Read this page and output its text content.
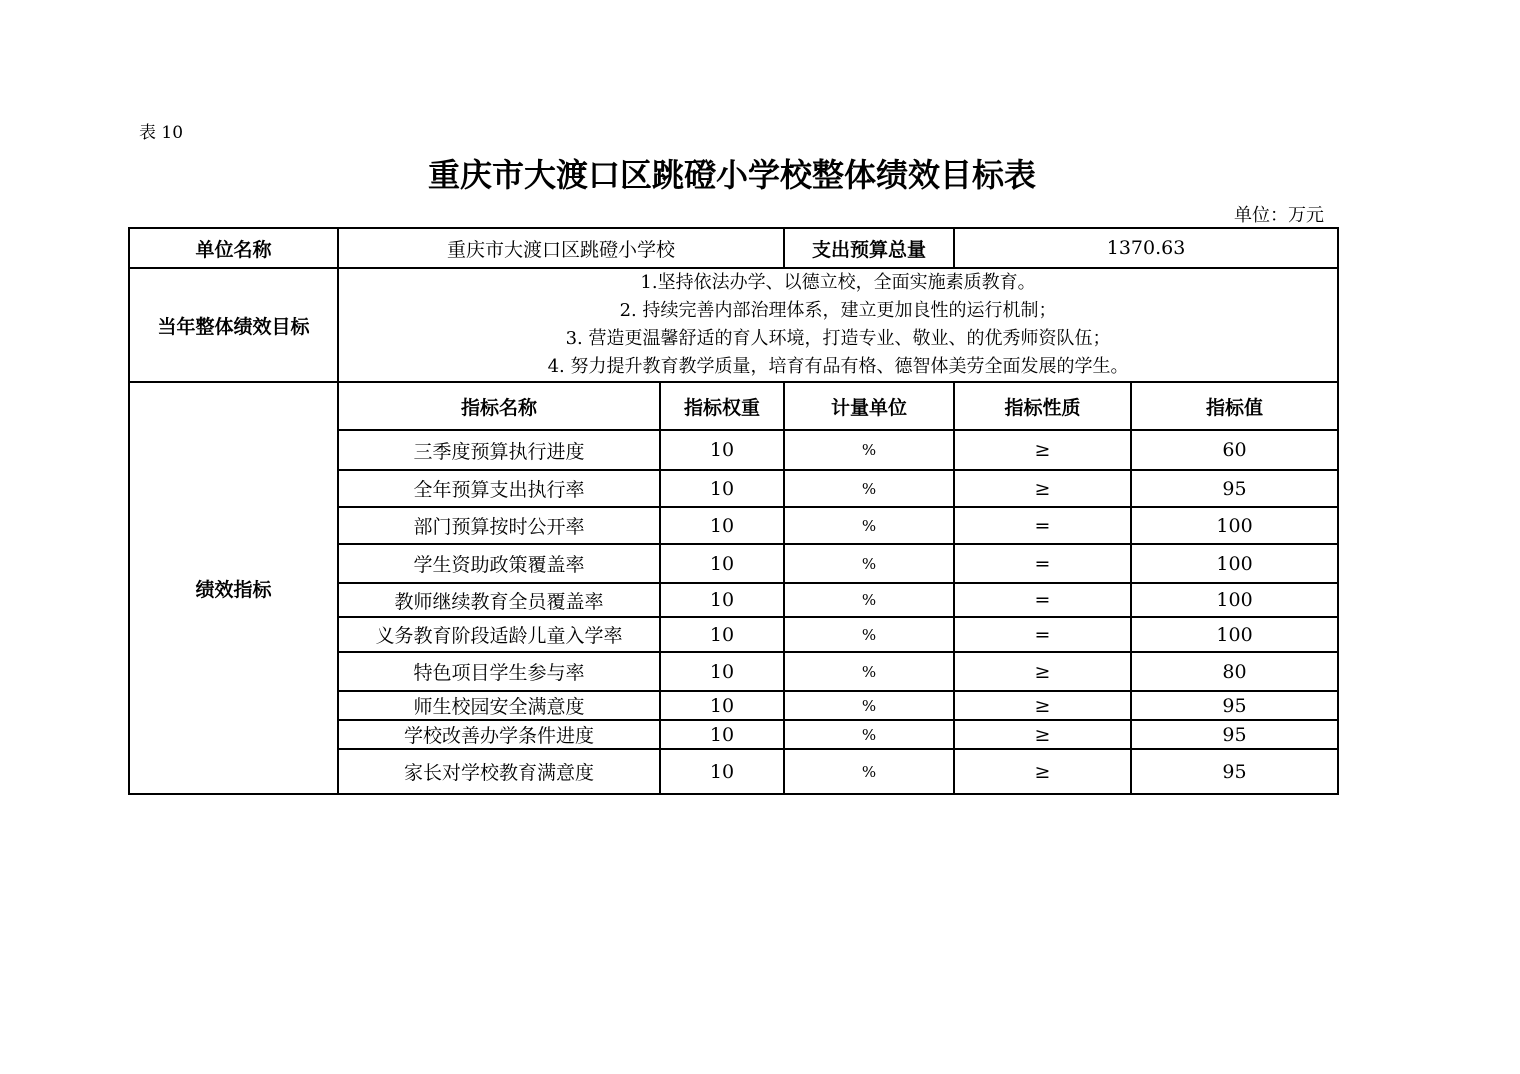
表 10
重庆市大渡口区跳磴小学校整体绩效目标表
单位：万元
单位名称	重庆市大渡口区跳磴小学校		支出预算总量	1370.63	
当年整体绩效目标	1.坚持依法办学、以德立校，全面实施素质教育。
2. 持续完善内部治理体系，建立更加良性的运行机制；
3. 营造更温馨舒适的育人环境，打造专业、敬业、的优秀师资队伍；
4. 努力提升教育教学质量，培育有品有格、德智体美劳全面发展的学生。				

绩效指标	指标名称	指标权重	计量单位	指标性质	指标值
	三季度预算执行进度	10	%	≥	60
	全年预算支出执行率	10	%	≥	95
	部门预算按时公开率	10	%	=	100
	学生资助政策覆盖率	10	%	=	100
	教师继续教育全员覆盖率	10	%	=	100
	义务教育阶段适龄儿童入学率	10	%	=	100
	特色项目学生参与率	10	%	≥	80
	师生校园安全满意度	10	%	≥	95
	学校改善办学条件进度	10	%	≥	95
	家长对学校教育满意度	10	%	≥	95
